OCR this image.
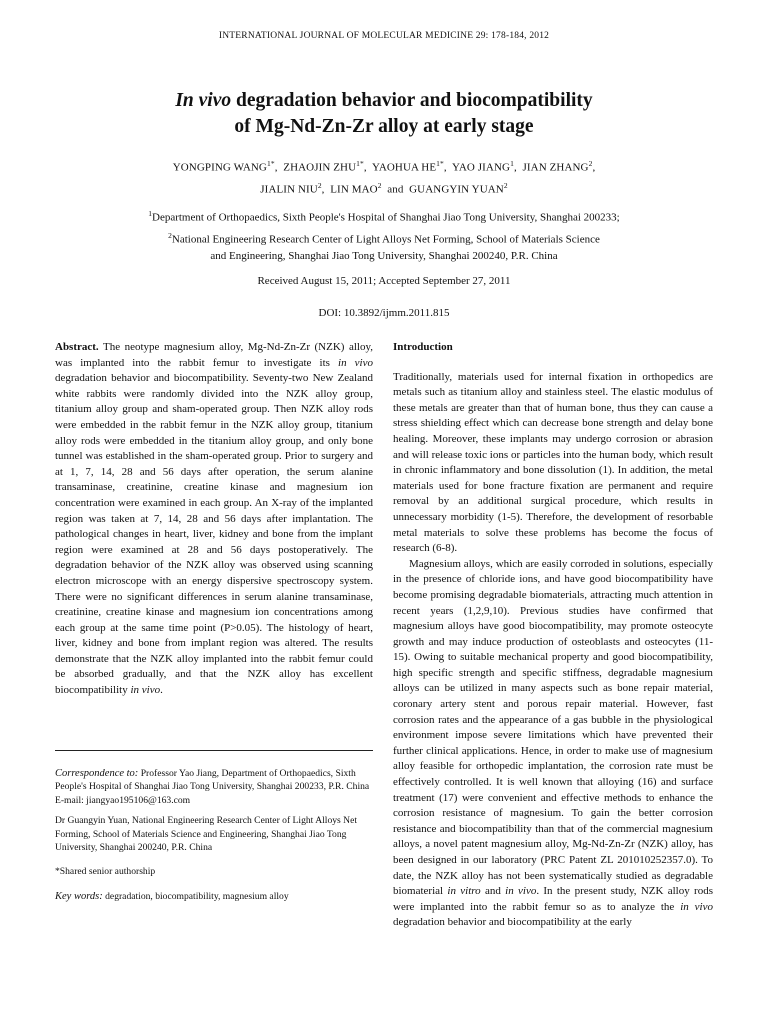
INTERNATIONAL JOURNAL OF MOLECULAR MEDICINE 29: 178-184, 2012
In vivo degradation behavior and biocompatibility
of Mg-Nd-Zn-Zr alloy at early stage
YONGPING $WANG^{1*}$,  ZHAOJIN $ZHU^{1*}$,  YAOHUA $HE^{1*}$,  YAO JIANG$^1$,  JIAN ZHANG$^2$,
JIALIN NIU$^2$,  LIN MAO$^2$ and GUANGYIN YUAN$^2$
$^1$Department of Orthopaedics, Sixth People's Hospital of Shanghai Jiao Tong University, Shanghai 200233;
$^2$National Engineering Research Center of Light Alloys Net Forming, School of Materials Science
and Engineering, Shanghai Jiao Tong University, Shanghai 200240, P.R. China
Received August 15, 2011; Accepted September 27, 2011
DOI: 10.3892/ijmm.2011.815

Abstract. The neotype magnesium alloy, Mg-Nd-Zn-Zr (NZK) alloy, was implanted into the rabbit femur to investigate its in vivo degradation behavior and biocompatibility. Seventy-two New Zealand white rabbits were randomly divided into the NZK alloy group, titanium alloy group and sham-operated group. Then NZK alloy rods were embedded in the rabbit femur in the NZK alloy group, titanium alloy rods were embedded in the titanium alloy group, and only bone tunnel was established in the sham-operated group. Prior to surgery and at 1, 7, 14, 28 and 56 days after operation, the serum alanine transaminase, creatinine, creatine kinase and magnesium ion concentration were examined in each group. An X-ray of the implanted region was taken at 7, 14, 28 and 56 days after implantation. The pathological changes in heart, liver, kidney and bone from the implant region were examined at 28 and 56 days postoperatively. The degradation behavior of the NZK alloy was observed using scanning electron microscope with an energy dispersive spectroscopy system. There were no significant differences in serum alanine transaminase, creatinine, creatine kinase and magnesium ion concentrations among each group at the same time point (P>0.05). The histology of heart, liver, kidney and bone from implant region was altered. The results demonstrate that the NZK alloy implanted into the rabbit femur could be absorbed gradually, and that the NZK alloy has excellent biocompatibility in vivo.

Correspondence to: Professor Yao Jiang, Department of Orthopaedics, Sixth People's Hospital of Shanghai Jiao Tong University, Shanghai 200233, P.R. China

E-mail: jiangyao195106@163.com

Dr Guangyin Yuan, National Engineering Research Center of Light Alloys Net Forming, School of Materials Science and Engineering, Shanghai Jiao Tong University, Shanghai 200240, P.R. China

*Shared senior authorship

Key words: degradation, biocompatibility, magnesium alloy

Introduction

Traditionally, materials used for internal fixation in orthopedics are metals such as titanium alloy and stainless steel. The elastic modulus of these metals are greater than that of human bone, thus they can cause a stress shielding effect which can decrease bone strength and delay bone healing. Moreover, these implants may undergo corrosion or abrasion and will release toxic ions or particles into the human body, which result in chronic inflammatory and bone dissolution (1). In addition, the metal materials used for bone fracture fixation are permanent and require removal by an additional surgical procedure, which results in unnecessary morbidity (1-5). Therefore, the development of resorbable metal materials to solve these problems has become the focus of research (6-8).

Magnesium alloys, which are easily corroded in solutions, especially in the presence of chloride ions, and have good biocompatibility have become promising degradable biomaterials, attracting much attention in recent years (1,2,9,10). Previous studies have confirmed that magnesium alloys have good biocompatibility, may promote osteocyte growth and may induce production of osteoblasts and osteocytes (11-15). Owing to suitable mechanical property and good biocompatibility, high specific strength and specific stiffness, degradable magnesium alloys can be utilized in many aspects such as bone repair material, coronary artery stent and porous repair material. However, fast corrosion rates and the appearance of a gas bubble in the physiological environment impose severe limitations which have prevented their further clinical applications. Hence, in order to make use of magnesium alloy feasible for orthopedic implantation, the corrosion rate must be effectively controlled. It is well known that alloying (16) and surface treatment (17) were convenient and effective methods to enhance the corrosion resistance of magnesium. To gain the better corrosion resistance and biocompatibility than that of the commercial magnesium alloys, a novel patent magnesium alloy, Mg-Nd-Zn-Zr (NZK) alloy, has been designed in our laboratory (PRC Patent ZL 201010252357.0). To date, the NZK alloy has not been systematically studied as degradable biomaterial in vitro and in vivo. In the present study, NZK alloy rods were implanted into the rabbit femur so as to analyze the in vivo degradation behavior and biocompatibility at the early
